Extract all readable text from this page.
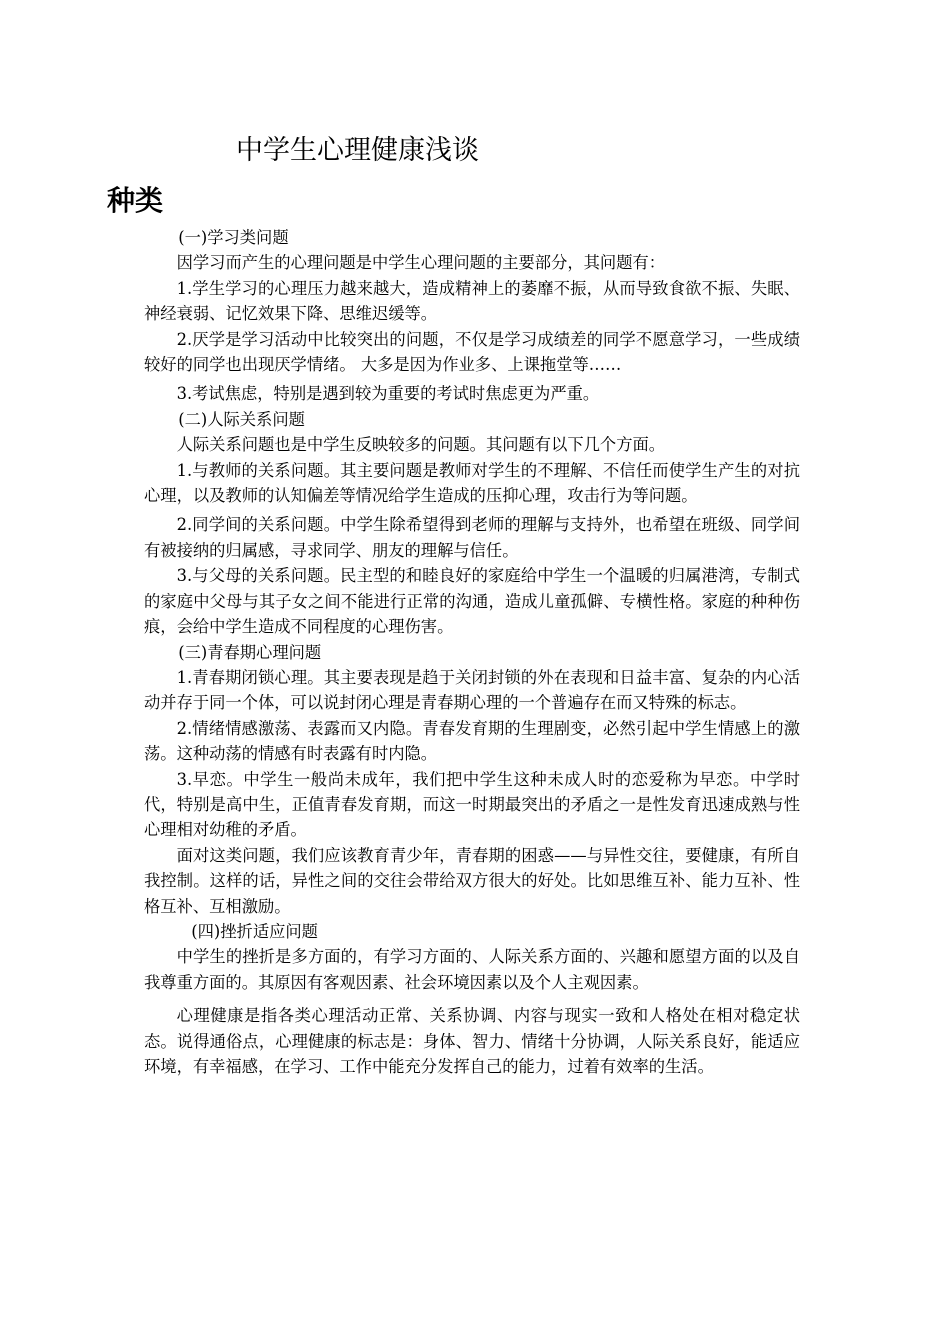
中学生心理健康浅谈
种类

(一)学习类问题

因学习而产生的心理问题是中学生心理问题的主要部分，其问题有：

1.学生学习的心理压力越来越大，造成精神上的萎靡不振，从而导致食欲不振、失眠、神经衰弱、记忆效果下降、思维迟缓等。

2.厌学是学习活动中比较突出的问题，不仅是学习成绩差的同学不愿意学习，一些成绩较好的同学也出现厌学情绪。 大多是因为作业多、上课拖堂等……

3.考试焦虑，特别是遇到较为重要的考试时焦虑更为严重。

(二)人际关系问题

人际关系问题也是中学生反映较多的问题。其问题有以下几个方面。

1.与教师的关系问题。其主要问题是教师对学生的不理解、不信任而使学生产生的对抗心理，以及教师的认知偏差等情况给学生造成的压抑心理，攻击行为等问题。

2.同学间的关系问题。中学生除希望得到老师的理解与支持外，也希望在班级、同学间有被接纳的归属感，寻求同学、朋友的理解与信任。

3.与父母的关系问题。民主型的和睦良好的家庭给中学生一个温暖的归属港湾，专制式的家庭中父母与其子女之间不能进行正常的沟通，造成儿童孤僻、专横性格。家庭的种种伤痕，会给中学生造成不同程度的心理伤害。

(三)青春期心理问题

1.青春期闭锁心理。其主要表现是趋于关闭封锁的外在表现和日益丰富、复杂的内心活动并存于同一个体，可以说封闭心理是青春期心理的一个普遍存在而又特殊的标志。

2.情绪情感激荡、表露而又内隐。青春发育期的生理剧变，必然引起中学生情感上的激荡。这种动荡的情感有时表露有时内隐。

3.早恋。中学生一般尚未成年，我们把中学生这种未成人时的恋爱称为早恋。中学时代，特别是高中生，正值青春发育期，而这一时期最突出的矛盾之一是性发育迅速成熟与性心理相对幼稚的矛盾。

面对这类问题，我们应该教育青少年，青春期的困惑——与异性交往，要健康，有所自我控制。这样的话，异性之间的交往会带给双方很大的好处。比如思维互补、能力互补、性格互补、互相激励。

(四)挫折适应问题

中学生的挫折是多方面的，有学习方面的、人际关系方面的、兴趣和愿望方面的以及自我尊重方面的。其原因有客观因素、社会环境因素以及个人主观因素。

心理健康是指各类心理活动正常、关系协调、内容与现实一致和人格处在相对稳定状态。说得通俗点，心理健康的标志是：身体、智力、情绪十分协调，人际关系良好，能适应环境，有幸福感，在学习、工作中能充分发挥自己的能力，过着有效率的生活。
